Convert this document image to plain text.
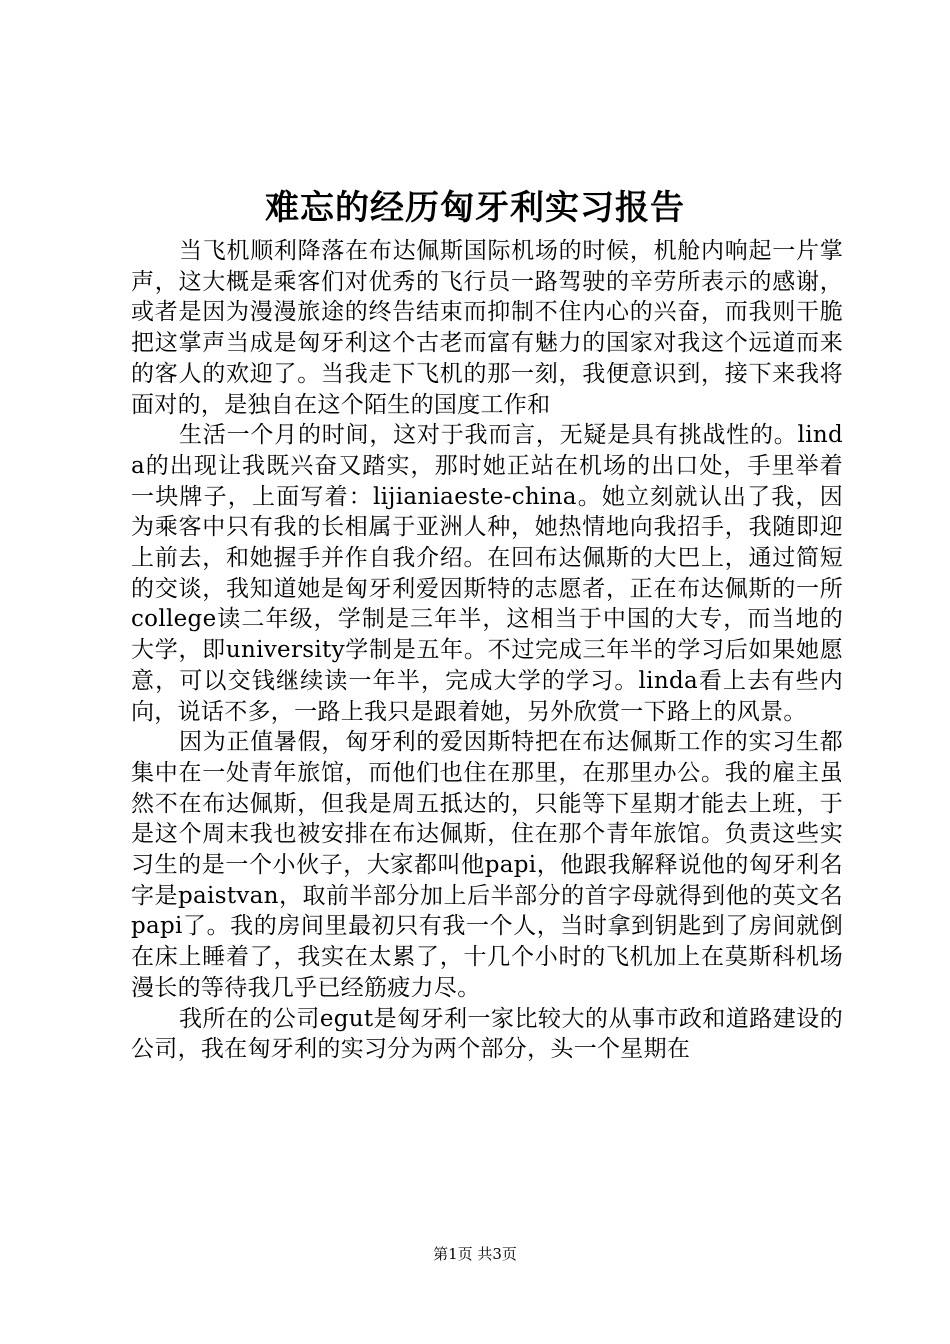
难忘的经历匈牙利实习报告

当飞机顺利降落在布达佩斯国际机场的时候，机舱内响起一片掌声，这大概是乘客们对优秀的飞行员一路驾驶的辛劳所表示的感谢，或者是因为漫漫旅途的终告结束而抑制不住内心的兴奋，而我则干脆把这掌声当成是匈牙利这个古老而富有魅力的国家对我这个远道而来的客人的欢迎了。当我走下飞机的那一刻，我便意识到，接下来我将面对的，是独自在这个陌生的国度工作和

生活一个月的时间，这对于我而言，无疑是具有挑战性的。linda的出现让我既兴奋又踏实，那时她正站在机场的出口处，手里举着一块牌子，上面写着：lijianiaeste-china。她立刻就认出了我，因为乘客中只有我的长相属于亚洲人种，她热情地向我招手，我随即迎上前去，和她握手并作自我介绍。在回布达佩斯的大巴上，通过简短的交谈，我知道她是匈牙利爱因斯特的志愿者，正在布达佩斯的一所college读二年级，学制是三年半，这相当于中国的大专，而当地的大学，即university学制是五年。不过完成三年半的学习后如果她愿意，可以交钱继续读一年半，完成大学的学习。linda看上去有些内向，说话不多，一路上我只是跟着她，另外欣赏一下路上的风景。

因为正值暑假，匈牙利的爱因斯特把在布达佩斯工作的实习生都集中在一处青年旅馆，而他们也住在那里，在那里办公。我的雇主虽然不在布达佩斯，但我是周五抵达的，只能等下星期才能去上班，于是这个周末我也被安排在布达佩斯，住在那个青年旅馆。负责这些实习生的是一个小伙子，大家都叫他papi，他跟我解释说他的匈牙利名字是paistvan，取前半部分加上后半部分的首字母就得到他的英文名papi了。我的房间里最初只有我一个人，当时拿到钥匙到了房间就倒在床上睡着了，我实在太累了，十几个小时的飞机加上在莫斯科机场漫长的等待我几乎已经筋疲力尽。

我所在的公司egut是匈牙利一家比较大的从事市政和道路建设的公司，我在匈牙利的实习分为两个部分，头一个星期在

第1页 共3页
